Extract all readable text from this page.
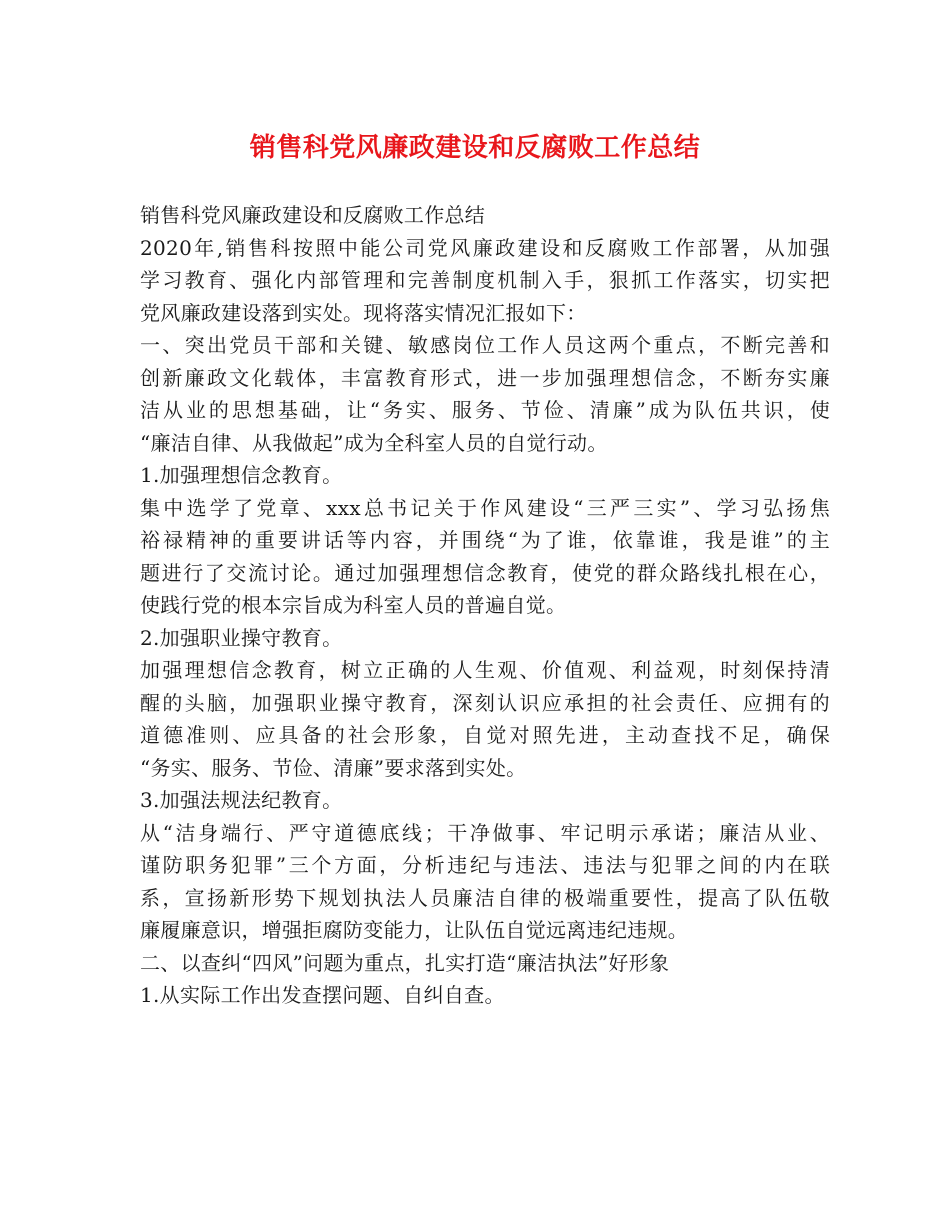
销售科党风廉政建设和反腐败工作总结
销售科党风廉政建设和反腐败工作总结
2020年,销售科按照中能公司党风廉政建设和反腐败工作部署，从加强
学习教育、强化内部管理和完善制度机制入手，狠抓工作落实，切实把
党风廉政建设落到实处。现将落实情况汇报如下：
一、突出党员干部和关键、敏感岗位工作人员这两个重点，不断完善和
创新廉政文化载体，丰富教育形式，进一步加强理想信念，不断夯实廉
洁从业的思想基础，让“务实、服务、节俭、清廉”成为队伍共识，使
“廉洁自律、从我做起”成为全科室人员的自觉行动。
1.加强理想信念教育。
集中选学了党章、xxx总书记关于作风建设“三严三实”、学习弘扬焦
裕禄精神的重要讲话等内容，并围绕“为了谁，依靠谁，我是谁”的主
题进行了交流讨论。通过加强理想信念教育，使党的群众路线扎根在心，
使践行党的根本宗旨成为科室人员的普遍自觉。
2.加强职业操守教育。
加强理想信念教育，树立正确的人生观、价值观、利益观，时刻保持清
醒的头脑，加强职业操守教育，深刻认识应承担的社会责任、应拥有的
道德准则、应具备的社会形象，自觉对照先进，主动查找不足，确保
“务实、服务、节俭、清廉”要求落到实处。
3.加强法规法纪教育。
从“洁身端行、严守道德底线；干净做事、牢记明示承诺；廉洁从业、
谨防职务犯罪”三个方面，分析违纪与违法、违法与犯罪之间的内在联
系，宣扬新形势下规划执法人员廉洁自律的极端重要性，提高了队伍敬
廉履廉意识，增强拒腐防变能力，让队伍自觉远离违纪违规。
二、以查纠“四风”问题为重点，扎实打造“廉洁执法”好形象
1.从实际工作出发查摆问题、自纠自查。
